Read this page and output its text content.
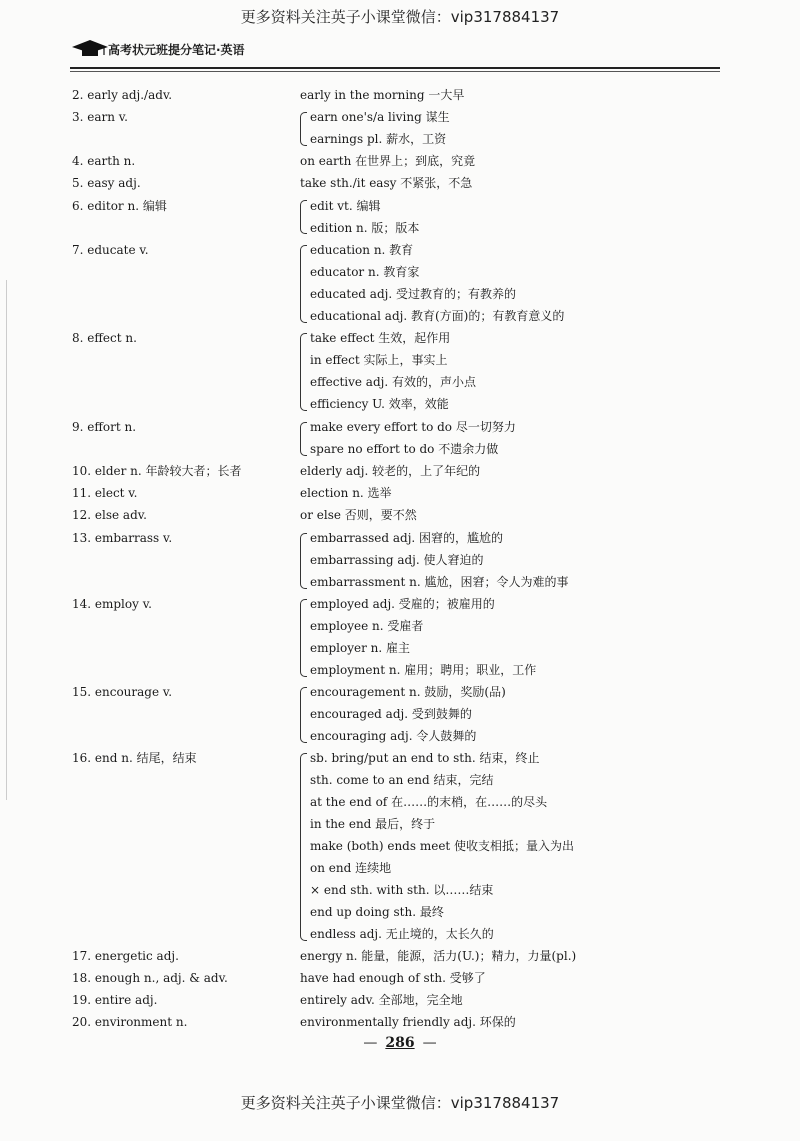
更多资料关注英子小课堂微信：vip317884137
高考状元班提分笔记·英语
2. early adj./adv.	early in the morning 一大早
3. earn v.	earn one's/a living 谋生
earnings pl. 薪水，工资
4. earth n.	on earth 在世界上；到底，究竟
5. easy adj.	take sth./it easy 不紧张，不急
6. editor n. 编辑	edit vt. 编辑
edition n. 版；版本
7. educate v.	education n. 教育
educator n. 教育家
educated adj. 受过教育的；有教养的
educational adj. 教育(方面)的；有教育意义的
8. effect n.	take effect 生效，起作用
in effect 实际上，事实上
effective adj. 有效的，声小点
efficiency U. 效率，效能
9. effort n.	make every effort to do 尽一切努力
spare no effort to do 不遗余力做
10. elder n. 年龄较大者；长者	elderly adj. 较老的，上了年纪的
11. elect v.	election n. 选举
12. else adv.	or else 否则，要不然
13. embarrass v.	embarrassed adj. 困窘的，尴尬的
embarrassing adj. 使人窘迫的
embarrassment n. 尴尬，困窘；令人为难的事
14. employ v.	employed adj. 受雇的；被雇用的
employee n. 受雇者
employer n. 雇主
employment n. 雇用；聘用；职业，工作
15. encourage v.	encouragement n. 鼓励，奖励(品)
encouraged adj. 受到鼓舞的
encouraging adj. 令人鼓舞的
16. end n. 结尾，结束	sb. bring/put an end to sth. 结束，终止
sth. come to an end 结束，完结
at the end of 在……的末梢，在……的尽头
in the end 最后，终于
make (both) ends meet 使收支相抵；量入为出
on end 连续地
× end sth. with sth. 以……结束
end up doing sth. 最终
endless adj. 无止境的，太长久的
17. energetic adj.	energy n. 能量，能源，活力(U.)；精力，力量(pl.)
18. enough n., adj. & adv.	have had enough of sth. 受够了
19. entire adj.	entirely adv. 全部地，完全地
20. environment n.	environmentally friendly adj. 环保的
— 286 —
更多资料关注英子小课堂微信：vip317884137
